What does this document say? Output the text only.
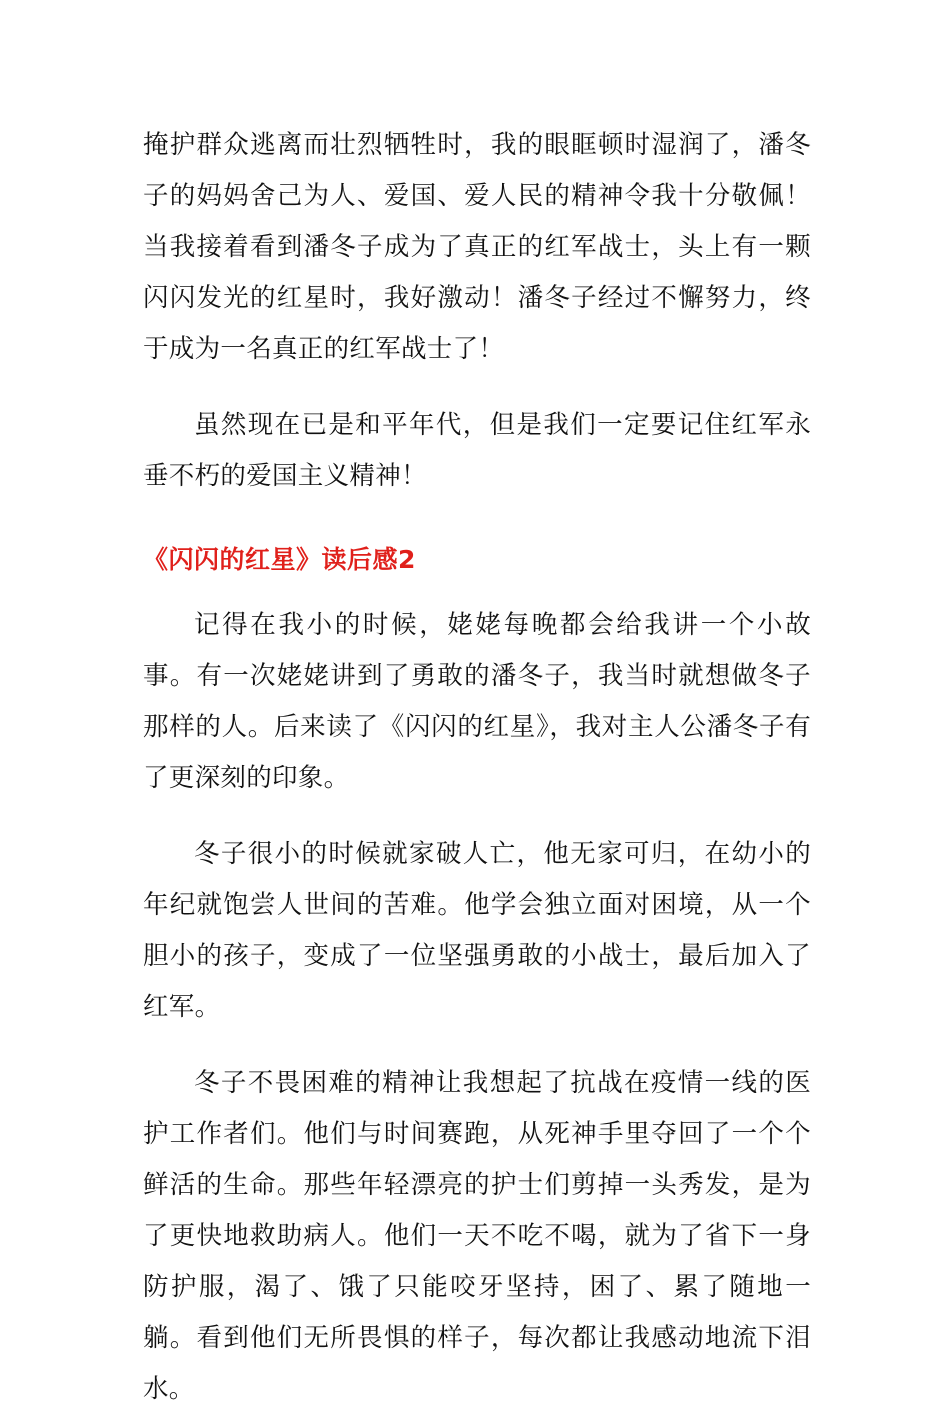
掩护群众逃离而壮烈牺牲时，我的眼眶顿时湿润了，潘冬子的妈妈舍己为人、爱国、爱人民的精神令我十分敬佩！当我接着看到潘冬子成为了真正的红军战士，头上有一颗闪闪发光的红星时，我好激动！潘冬子经过不懈努力，终于成为一名真正的红军战士了！

虽然现在已是和平年代，但是我们一定要记住红军永垂不朽的爱国主义精神！

《闪闪的红星》读后感2

记得在我小的时候，姥姥每晚都会给我讲一个小故事。有一次姥姥讲到了勇敢的潘冬子，我当时就想做冬子那样的人。后来读了《闪闪的红星》，我对主人公潘冬子有了更深刻的印象。

冬子很小的时候就家破人亡，他无家可归，在幼小的年纪就饱尝人世间的苦难。他学会独立面对困境，从一个胆小的孩子，变成了一位坚强勇敢的小战士，最后加入了红军。

冬子不畏困难的精神让我想起了抗战在疫情一线的医护工作者们。他们与时间赛跑，从死神手里夺回了一个个鲜活的生命。那些年轻漂亮的护士们剪掉一头秀发，是为了更快地救助病人。他们一天不吃不喝，就为了省下一身防护服，渴了、饿了只能咬牙坚持，困了、累了随地一躺。看到他们无所畏惧的样子，每次都让我感动地流下泪水。
